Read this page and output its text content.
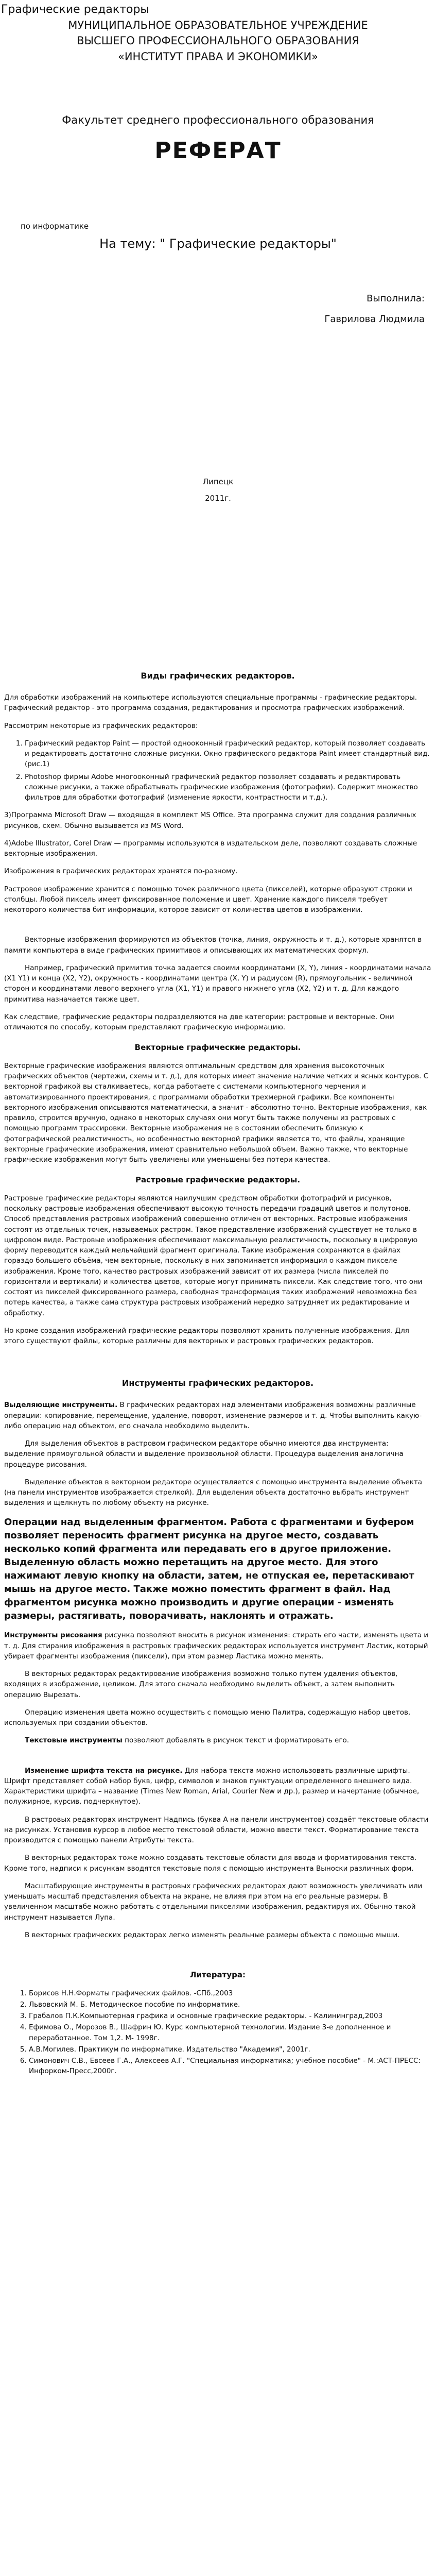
Графические редакторы
МУНИЦИПАЛЬНОЕ ОБРАЗОВАТЕЛЬНОЕ УЧРЕЖДЕНИЕ
ВЫСШЕГО ПРОФЕССИОНАЛЬНОГО ОБРАЗОВАНИЯ
«ИНСТИТУТ ПРАВА И ЭКОНОМИКИ»
Факультет среднего профессионального образования
РЕФЕРАТ
по информатике
На тему: " Графические редакторы"
Выполнила:
Гаврилова Людмила
Липецк
2011г.
Виды графических редакторов.

Для обработки изображений на компьютере используются специальные программы - графические редакторы. Графический редактор - это программа создания, редактирования и просмотра графических изображений.

Рассмотрим некоторые из графических редакторов:

1. Графический редактор Paint — простой однооконный графический редактор, который позволяет создавать и редактировать достаточно сложные рисунки. Окно графического редактора Paint имеет стандартный вид. (рис.1)
2. Photoshop фирмы Adobe многооконный графический редактор позволяет создавать и редактировать сложные рисунки, а также обрабатывать графические изображения (фотографии). Содержит множество фильтров для обработки фотографий (изменение яркости, контрастности и т.д.).

3)Программа Microsoft Draw — входящая в комплект MS Office. Эта программа служит для создания различных рисунков, схем. Обычно вызывается из MS Word.

4)Adobe Illustrator, Corel Draw — программы используются в издательском деле, позволяют создавать сложные векторные изображения.

Изображения в графических редакторах хранятся по-разному.

Растровое изображение хранится с помощью точек различного цвета (пикселей), которые образуют строки и столбцы. Любой пиксель имеет фиксированное положение и цвет. Хранение каждого пикселя требует некоторого количества бит информации, которое зависит от количества цветов в изображении.

Векторные изображения формируются из объектов (точка, линия, окружность и т. д.), которые хранятся в памяти компьютера в виде графических примитивов и описывающих их математических формул.

Например, графический примитив точка задается своими координатами (X, Y), линия - координатами начала (X1 Y1) и конца (X2, Y2), окружность - координатами центра (X, Y) и радиусом (R), прямоугольник - величиной сторон и координатами левого верхнего угла (X1, Y1) и правого нижнего угла (X2, Y2) и т. д. Для каждого примитива назначается также цвет.

Как следствие, графические редакторы подразделяются на две категории: растровые и векторные. Они отличаются по способу, которым представляют графическую информацию.

Векторные графические редакторы.

Векторные графические изображения являются оптимальным средством для хранения высокоточных графических объектов (чертежи, схемы и т. д.), для которых имеет значение наличие четких и ясных контуров. С векторной графикой вы сталкиваетесь, когда работаете с системами компьютерного черчения и автоматизированного проектирования, с программами обработки трехмерной графики. Все компоненты векторного изображения описываются математически, а значит - абсолютно точно. Векторные изображения, как правило, строится вручную, однако в некоторых случаях они могут быть также получены из растровых с помощью программ трассировки. Векторные изображения не в состоянии обеспечить близкую к фотографической реалистичность, но особенностью векторной графики является то, что файлы, хранящие векторные графические изображения, имеют сравнительно небольшой объем. Важно также, что векторные графические изображения могут быть увеличены или уменьшены без потери качества.

Растровые графические редакторы.

Растровые графические редакторы являются наилучшим средством обработки фотографий и рисунков, поскольку растровые изображения обеспечивают высокую точность передачи градаций цветов и полутонов. Способ представления растровых изображений совершенно отличен от векторных. Растровые изображения состоят из отдельных точек, называемых растром. Такое представление изображений существует не только в цифровом виде. Растровые изображения обеспечивают максимальную реалистичность, поскольку в цифровую форму переводится каждый мельчайший фрагмент оригинала. Такие изображения сохраняются в файлах гораздо большего объёма, чем векторные, поскольку в них запоминается информация о каждом пикселе изображения. Кроме того, качество растровых изображений зависит от их размера (числа пикселей по горизонтали и вертикали) и количества цветов, которые могут принимать пиксели. Как следствие того, что они состоят из пикселей фиксированного размера, свободная трансформация таких изображений невозможна без потерь качества, а также сама структура растровых изображений нередко затрудняет их редактирование и обработку.

Но кроме создания изображений графические редакторы позволяют хранить полученные изображения. Для этого существуют файлы, которые различны для векторных и растровых графических редакторов.

Инструменты графических редакторов.

Выделяющие инструменты. В графических редакторах над элементами изображения возможны различные операции: копирование, перемещение, удаление, поворот, изменение размеров и т. д. Чтобы выполнить какую-либо операцию над объектом, его сначала необходимо выделить.

Для выделения объектов в растровом графическом редакторе обычно имеются два инструмента: выделение прямоугольной области и выделение произвольной области. Процедура выделения аналогична процедуре рисования.

Выделение объектов в векторном редакторе осуществляется с помощью инструмента выделение объекта (на панели инструментов изображается стрелкой). Для выделения объекта достаточно выбрать инструмент выделения и щелкнуть по любому объекту на рисунке.

Операции над выделенным фрагментом. Работа с фрагментами и буфером позволяет переносить фрагмент рисунка на другое место, создавать несколько копий фрагмента или передавать его в другое приложение. Выделенную область можно перетащить на другое место. Для этого нажимают левую кнопку на области, затем, не отпуская ее, перетаскивают мышь на другое место. Также можно поместить фрагмент в файл. Над фрагментом рисунка можно производить и другие операции - изменять размеры, растягивать, поворачивать, наклонять и отражать.

Инструменты рисования рисунка позволяют вносить в рисунок изменения: стирать его части, изменять цвета и т. д. Для стирания изображения в растровых графических редакторах используется инструмент Ластик, который убирает фрагменты изображения (пиксели), при этом размер Ластика можно менять.

В векторных редакторах редактирование изображения возможно только путем удаления объектов, входящих в изображение, целиком. Для этого сначала необходимо выделить объект, а затем выполнить операцию Вырезать.

Операцию изменения цвета можно осуществить с помощью меню Палитра, содержащую набор цветов, используемых при создании объектов.

Текстовые инструменты позволяют добавлять в рисунок текст и форматировать его.

Изменение шрифта текста на рисунке. Для набора текста можно использовать различные шрифты. Шрифт представляет собой набор букв, цифр, символов и знаков пунктуации определенного внешнего вида. Характеристики шрифта – название (Times New Roman, Arial, Courier New и др.), размер и начертание (обычное, полужирное, курсив, подчеркнутое).

В растровых редакторах инструмент Надпись (буква А на панели инструментов) создаёт текстовые области на рисунках. Установив курсор в любое место текстовой области, можно ввести текст. Форматирование текста производится с помощью панели Атрибуты текста.

В векторных редакторах тоже можно создавать текстовые области для ввода и форматирования текста. Кроме того, надписи к рисункам вводятся текстовые поля с помощью инструмента Выноски различных форм.

Масштабирующие инструменты в растровых графических редакторах дают возможность увеличивать или уменьшать масштаб представления объекта на экране, не влияя при этом на его реальные размеры. В увеличенном масштабе можно работать с отдельными пикселями изображения, редактируя их. Обычно такой инструмент называется Лупа.

В векторных графических редакторах легко изменять реальные размеры объекта с помощью мыши.

Литература:
1. Борисов Н.Н.Форматы графических файлов. -СПб.,2003
2. Львовский М. Б. Методическое пособие по информатике.
3. Грабалов П.К.Компьютерная графика и основные графические редакторы. - Калининград,2003
4. Ефимова О., Морозов В., Шафрин Ю. Курс компьютерной технологии. Издание 3-е дополненное и переработанное. Том 1,2. М- 1998г.
5. А.В.Могилев. Практикум по информатике. Издательство "Академия", 2001г.
6. Симонович С.В., Евсеев Г.А., Алексеев А.Г. "Специальная информатика; учебное пособие" - М.:АСТ-ПРЕСС: Инфорком-Пресс,2000г.
